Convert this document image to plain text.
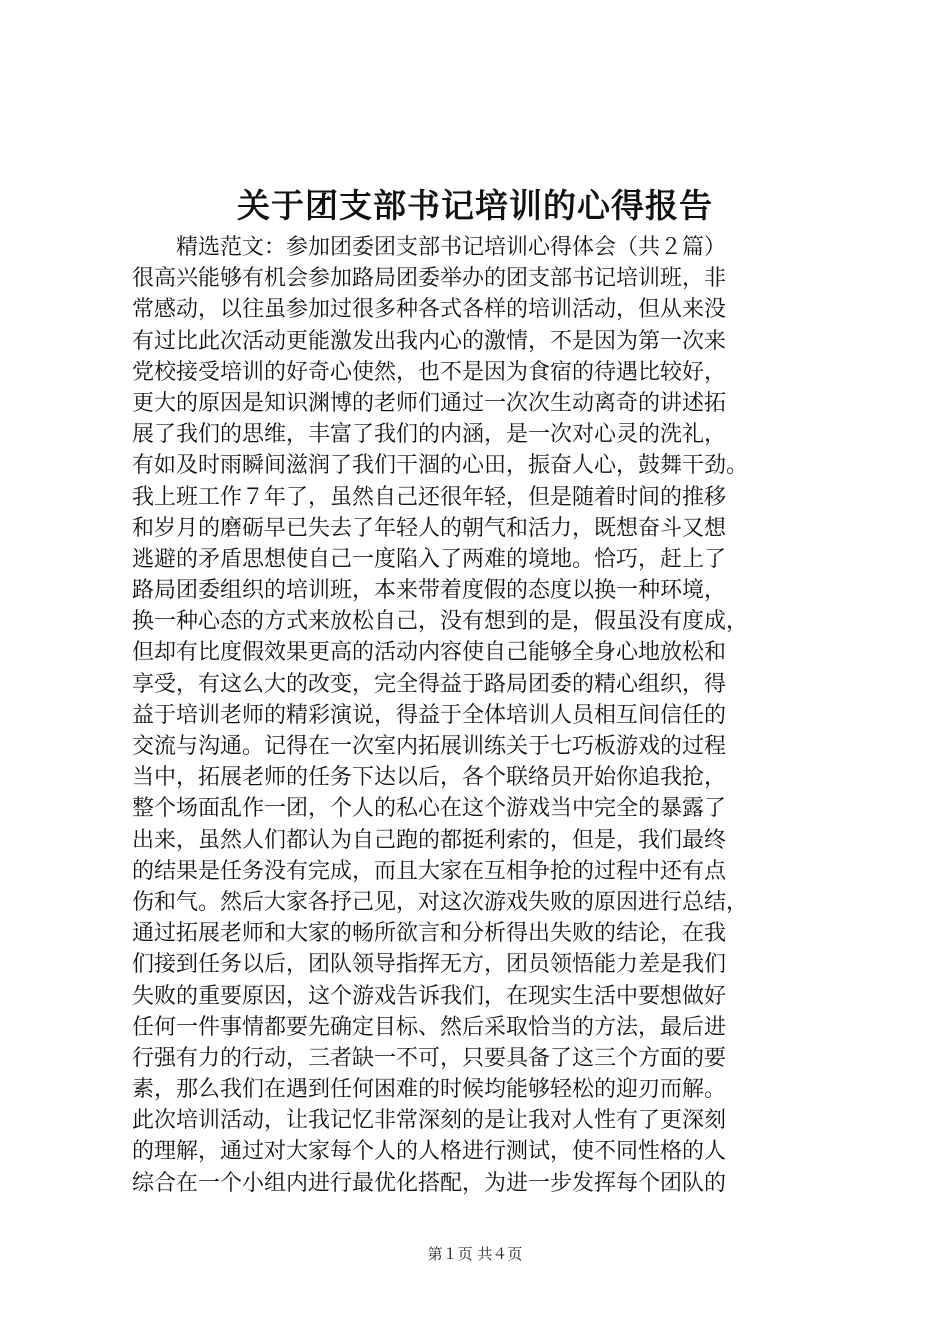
关于团支部书记培训的心得报告
精选范文：参加团委团支部书记培训心得体会（共２篇）
很高兴能够有机会参加路局团委举办的团支部书记培训班，非
常感动，以往虽参加过很多种各式各样的培训活动，但从来没
有过比此次活动更能激发出我内心的激情，不是因为第一次来
党校接受培训的好奇心使然，也不是因为食宿的待遇比较好，
更大的原因是知识渊博的老师们通过一次次生动离奇的讲述拓
展了我们的思维，丰富了我们的内涵，是一次对心灵的洗礼，
有如及时雨瞬间滋润了我们干涸的心田，振奋人心，鼓舞干劲。
我上班工作７年了，虽然自己还很年轻，但是随着时间的推移
和岁月的磨砺早已失去了年轻人的朝气和活力，既想奋斗又想
逃避的矛盾思想使自己一度陷入了两难的境地。恰巧，赶上了
路局团委组织的培训班，本来带着度假的态度以换一种环境，
换一种心态的方式来放松自己，没有想到的是，假虽没有度成，
但却有比度假效果更高的活动内容使自己能够全身心地放松和
享受，有这么大的改变，完全得益于路局团委的精心组织，得
益于培训老师的精彩演说，得益于全体培训人员相互间信任的
交流与沟通。记得在一次室内拓展训练关于七巧板游戏的过程
当中，拓展老师的任务下达以后，各个联络员开始你追我抢，
整个场面乱作一团，个人的私心在这个游戏当中完全的暴露了
出来，虽然人们都认为自己跑的都挺利索的，但是，我们最终
的结果是任务没有完成，而且大家在互相争抢的过程中还有点
伤和气。然后大家各抒己见，对这次游戏失败的原因进行总结，
通过拓展老师和大家的畅所欲言和分析得出失败的结论，在我
们接到任务以后，团队领导指挥无方，团员领悟能力差是我们
失败的重要原因，这个游戏告诉我们，在现实生活中要想做好
任何一件事情都要先确定目标、然后采取恰当的方法，最后进
行强有力的行动，三者缺一不可，只要具备了这三个方面的要
素，那么我们在遇到任何困难的时候均能够轻松的迎刃而解。
此次培训活动，让我记忆非常深刻的是让我对人性有了更深刻
的理解，通过对大家每个人的人格进行测试，使不同性格的人
综合在一个小组内进行最优化搭配，为进一步发挥每个团队的
第１页 共４页
